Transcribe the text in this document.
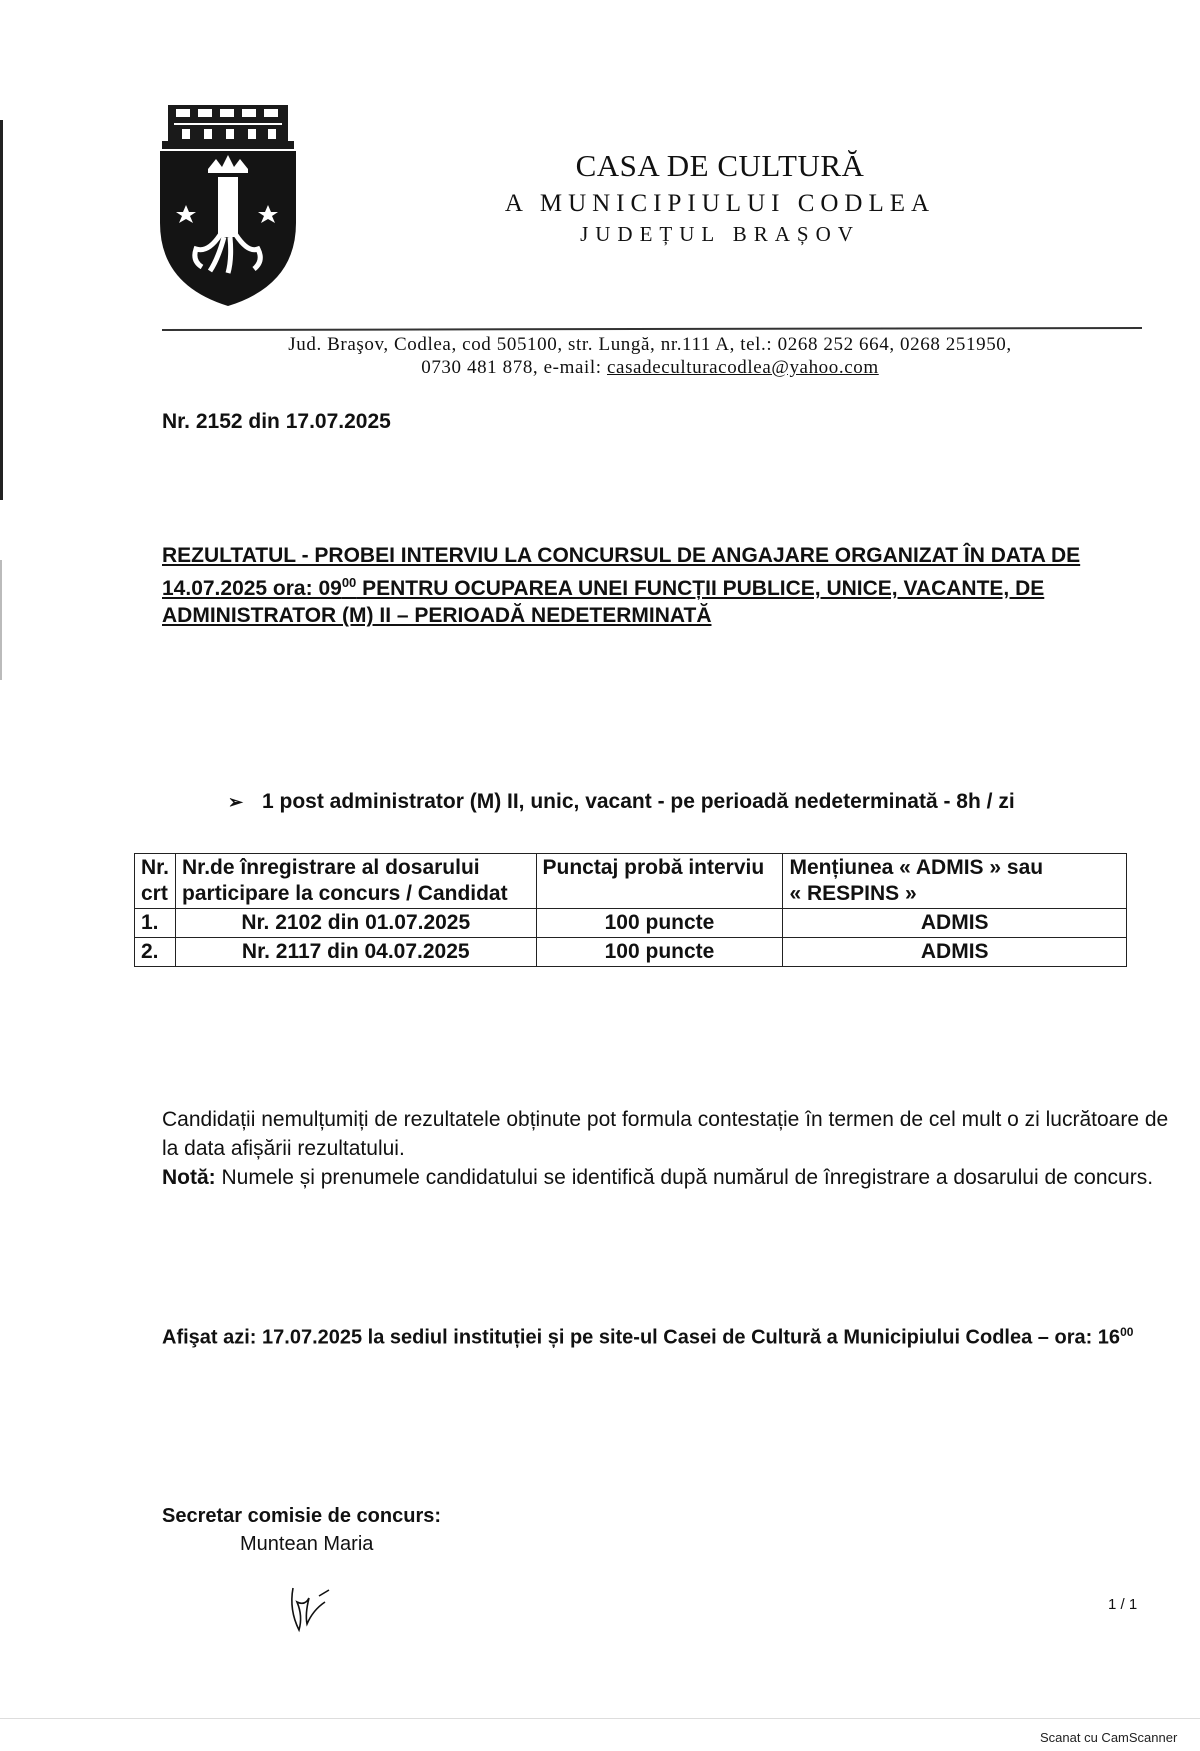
CASA DE CULTURĂ
A MUNICIPIULUI CODLEA
JUDEȚUL BRAȘOV
Jud. Braşov, Codlea, cod 505100, str. Lungă, nr.111 A, tel.: 0268 252 664, 0268 251950,
0730 481 878, e-mail: casadeculturacodlea@yahoo.com
Nr. 2152 din 17.07.2025
REZULTATUL - PROBEI INTERVIU LA CONCURSUL DE ANGAJARE ORGANIZAT ÎN DATA DE 14.07.2025 ora: $09^{00}$ PENTRU OCUPAREA UNEI FUNCȚII PUBLICE, UNICE, VACANTE, DE ADMINISTRATOR (M) II – PERIOADĂ NEDETERMINATĂ
➢ 1 post administrator (M) II, unic, vacant - pe perioadă nedeterminată - 8h / zi
Nr.
crt	Nr.de înregistrare al dosarului
participare la concurs / Candidat	Punctaj probă interviu	Mențiunea « ADMIS » sau
« RESPINS »
1.	Nr. 2102 din 01.07.2025	100 puncte	ADMIS
2.	Nr. 2117 din 04.07.2025	100 puncte	ADMIS
Candidații nemulțumiți de rezultatele obținute pot formula contestație în termen de cel mult o zi lucrătoare de la data afișării rezultatului.
Notă: Numele și prenumele candidatului se identifică după numărul de înregistrare a dosarului de concurs.
Afişat azi: 17.07.2025 la sediul instituției și pe site-ul Casei de Cultură a Municipiului Codlea – ora: $16^{00}$
Secretar comisie de concurs:
Muntean Maria
1 / 1
Scanat cu CamScanner
